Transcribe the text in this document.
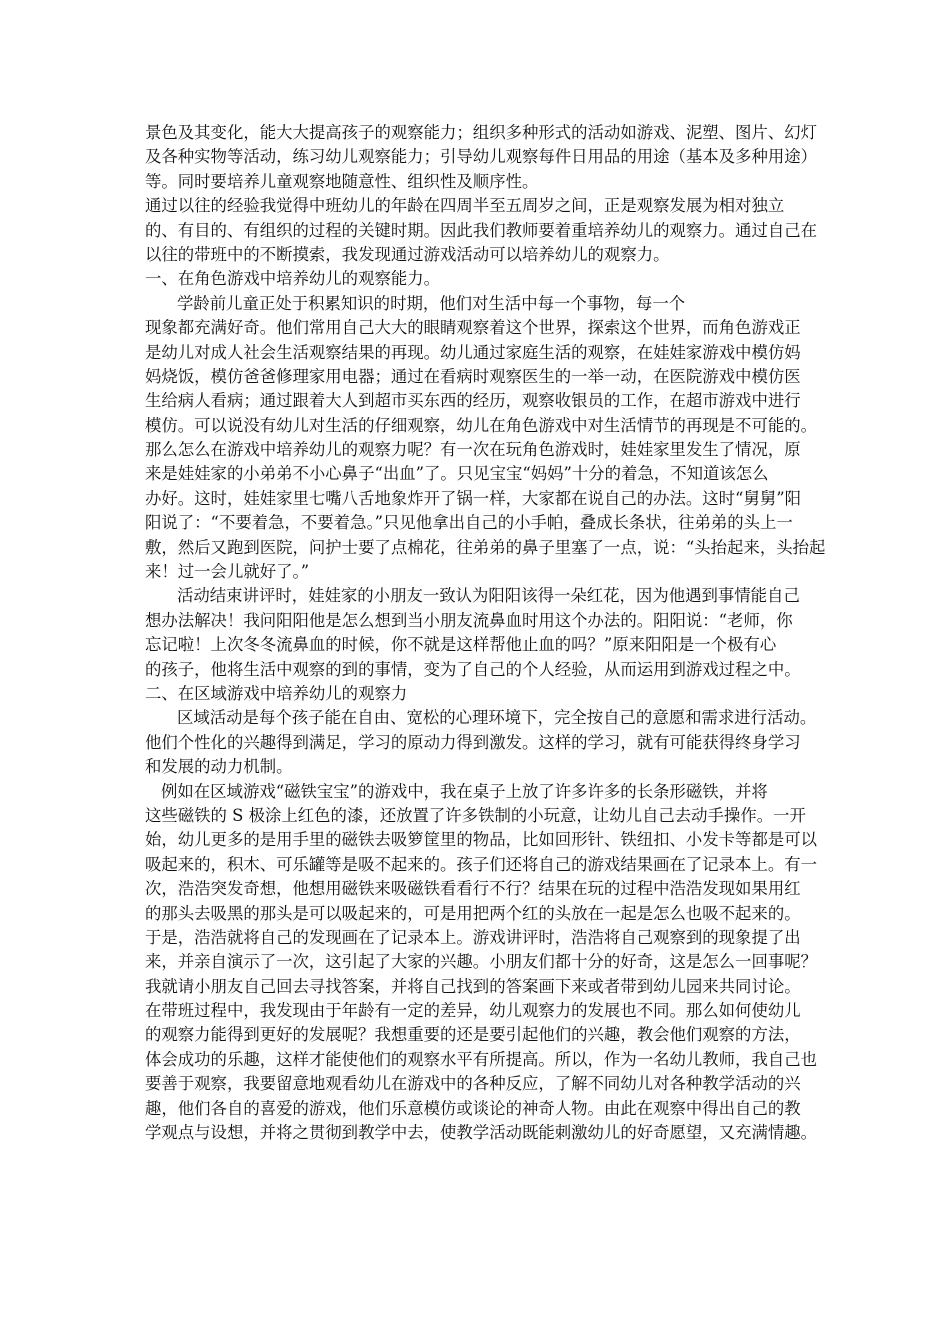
景色及其变化，能大大提高孩子的观察能力；组织多种形式的活动如游戏、泥塑、图片、幻灯
及各种实物等活动，练习幼儿观察能力；引导幼儿观察每件日用品的用途（基本及多种用途）
等。同时要培养儿童观察地随意性、组织性及顺序性。
通过以往的经验我觉得中班幼儿的年龄在四周半至五周岁之间，正是观察发展为相对独立
的、有目的、有组织的过程的关键时期。因此我们教师要着重培养幼儿的观察力。通过自己在
以往的带班中的不断摸索，我发现通过游戏活动可以培养幼儿的观察力。
一、在角色游戏中培养幼儿的观察能力。
学龄前儿童正处于积累知识的时期，他们对生活中每一个事物，每一个
现象都充满好奇。他们常用自己大大的眼睛观察着这个世界，探索这个世界，而角色游戏正
是幼儿对成人社会生活观察结果的再现。幼儿通过家庭生活的观察，在娃娃家游戏中模仿妈
妈烧饭，模仿爸爸修理家用电器；通过在看病时观察医生的一举一动，在医院游戏中模仿医
生给病人看病；通过跟着大人到超市买东西的经历，观察收银员的工作，在超市游戏中进行
模仿。可以说没有幼儿对生活的仔细观察，幼儿在角色游戏中对生活情节的再现是不可能的。
那么怎么在游戏中培养幼儿的观察力呢？有一次在玩角色游戏时，娃娃家里发生了情况，原
来是娃娃家的小弟弟不小心鼻子“出血”了。只见宝宝“妈妈”十分的着急，不知道该怎么
办好。这时，娃娃家里七嘴八舌地象炸开了锅一样，大家都在说自己的办法。这时“舅舅”阳
阳说了：“不要着急，不要着急。”只见他拿出自己的小手帕，叠成长条状，往弟弟的头上一
敷，然后又跑到医院，问护士要了点棉花，往弟弟的鼻子里塞了一点，说：“头抬起来，头抬起
来！过一会儿就好了。”
活动结束讲评时，娃娃家的小朋友一致认为阳阳该得一朵红花，因为他遇到事情能自己
想办法解决！我问阳阳他是怎么想到当小朋友流鼻血时用这个办法的。阳阳说：“老师，你
忘记啦！上次冬冬流鼻血的时候，你不就是这样帮他止血的吗？”原来阳阳是一个极有心
的孩子，他将生活中观察的到的事情，变为了自己的个人经验，从而运用到游戏过程之中。
二、在区域游戏中培养幼儿的观察力
区域活动是每个孩子能在自由、宽松的心理环境下，完全按自己的意愿和需求进行活动。
他们个性化的兴趣得到满足，学习的原动力得到激发。这样的学习，就有可能获得终身学习
和发展的动力机制。
例如在区域游戏“磁铁宝宝”的游戏中，我在桌子上放了许多许多的长条形磁铁，并将
这些磁铁的 S 极涂上红色的漆，还放置了许多铁制的小玩意，让幼儿自己去动手操作。一开
始，幼儿更多的是用手里的磁铁去吸箩筐里的物品，比如回形针、铁纽扣、小发卡等都是可以
吸起来的，积木、可乐罐等是吸不起来的。孩子们还将自己的游戏结果画在了记录本上。有一
次，浩浩突发奇想，他想用磁铁来吸磁铁看看行不行？结果在玩的过程中浩浩发现如果用红
的那头去吸黑的那头是可以吸起来的，可是用把两个红的头放在一起是怎么也吸不起来的。
于是，浩浩就将自己的发现画在了记录本上。游戏讲评时，浩浩将自己观察到的现象提了出
来，并亲自演示了一次，这引起了大家的兴趣。小朋友们都十分的好奇，这是怎么一回事呢？
我就请小朋友自己回去寻找答案，并将自己找到的答案画下来或者带到幼儿园来共同讨论。
在带班过程中，我发现由于年龄有一定的差异，幼儿观察力的发展也不同。那么如何使幼儿
的观察力能得到更好的发展呢？我想重要的还是要引起他们的兴趣，教会他们观察的方法，
体会成功的乐趣，这样才能使他们的观察水平有所提高。所以，作为一名幼儿教师，我自己也
要善于观察，我要留意地观看幼儿在游戏中的各种反应，了解不同幼儿对各种教学活动的兴
趣，他们各自的喜爱的游戏，他们乐意模仿或谈论的神奇人物。由此在观察中得出自己的教
学观点与设想，并将之贯彻到教学中去，使教学活动既能刺激幼儿的好奇愿望，又充满情趣。
